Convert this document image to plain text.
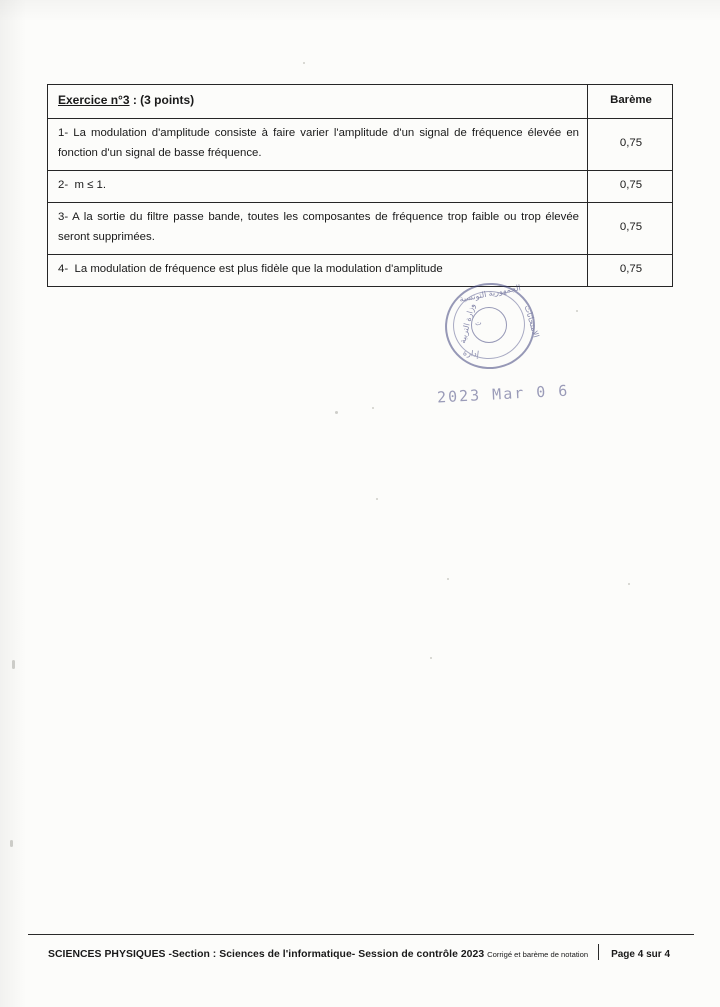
Exercice n°3 : (3 points)	Barème

1- La modulation d'amplitude consiste à faire varier l'amplitude d'un signal de fréquence élevée en fonction d'un signal de basse fréquence.	0,75

2- m ≤ 1.	0,75

3- A la sortie du filtre passe bande, toutes les composantes de fréquence trop faible ou trop élevée seront supprimées.	0,75

4- La modulation de fréquence est plus fidèle que la modulation d'amplitude	0,75
الجمهورية التونسية
وزارة التربية	الامتحانات
إدارة
ت
2023 Mar 0 6
SCIENCES PHYSIQUES -Section : Sciences de l'informatique- Session de contrôle 2023 Corrigé et barème de notation Page 4 sur 4
